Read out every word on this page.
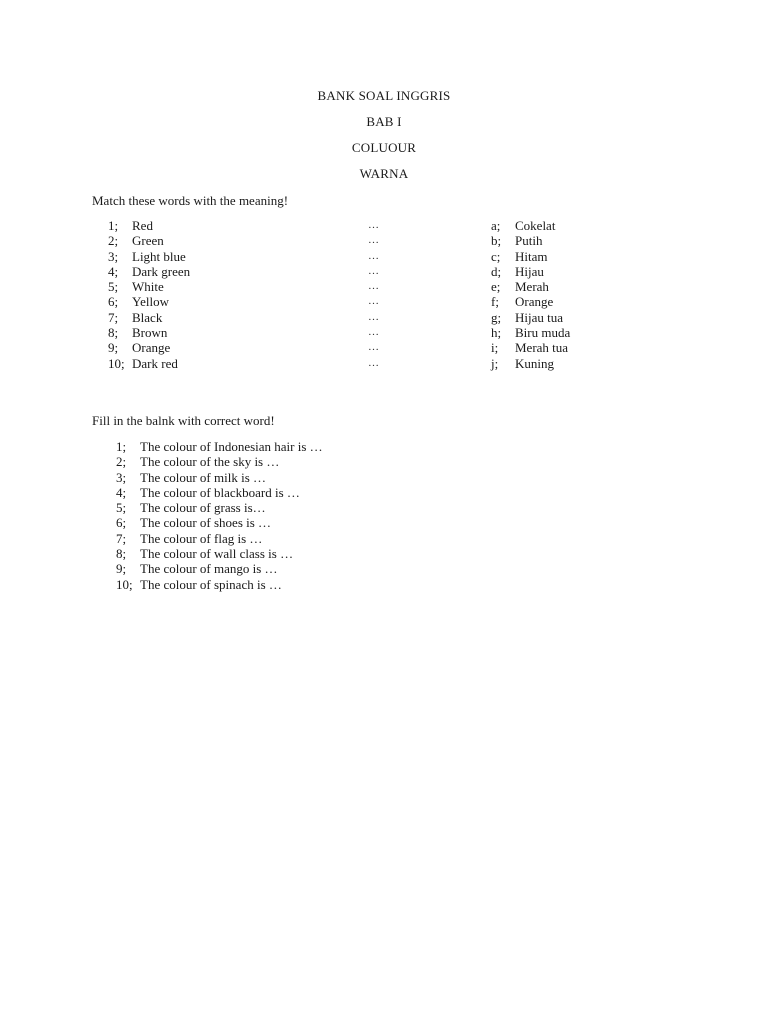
BANK SOAL INGGRIS
BAB I
COLUOUR
WARNA
Match these words with the meaning!
1; Red	…	a; Cokelat
2; Green	…	b; Putih
3; Light blue	…	c; Hitam
4; Dark green	…	d; Hijau
5; White	…	e; Merah
6; Yellow	…	f; Orange
7; Black	…	g; Hijau tua
8; Brown	…	h; Biru muda
9; Orange	…	i; Merah tua
10; Dark red	…	j; Kuning
Fill in the balnk with correct word!
1; The colour of Indonesian hair is …
2; The colour of the sky is …
3; The colour of milk is …
4; The colour of blackboard is …
5; The colour of grass is…
6; The colour of shoes is …
7; The colour of flag is …
8; The colour of wall class is …
9; The colour of mango is …
10; The colour of spinach is …
